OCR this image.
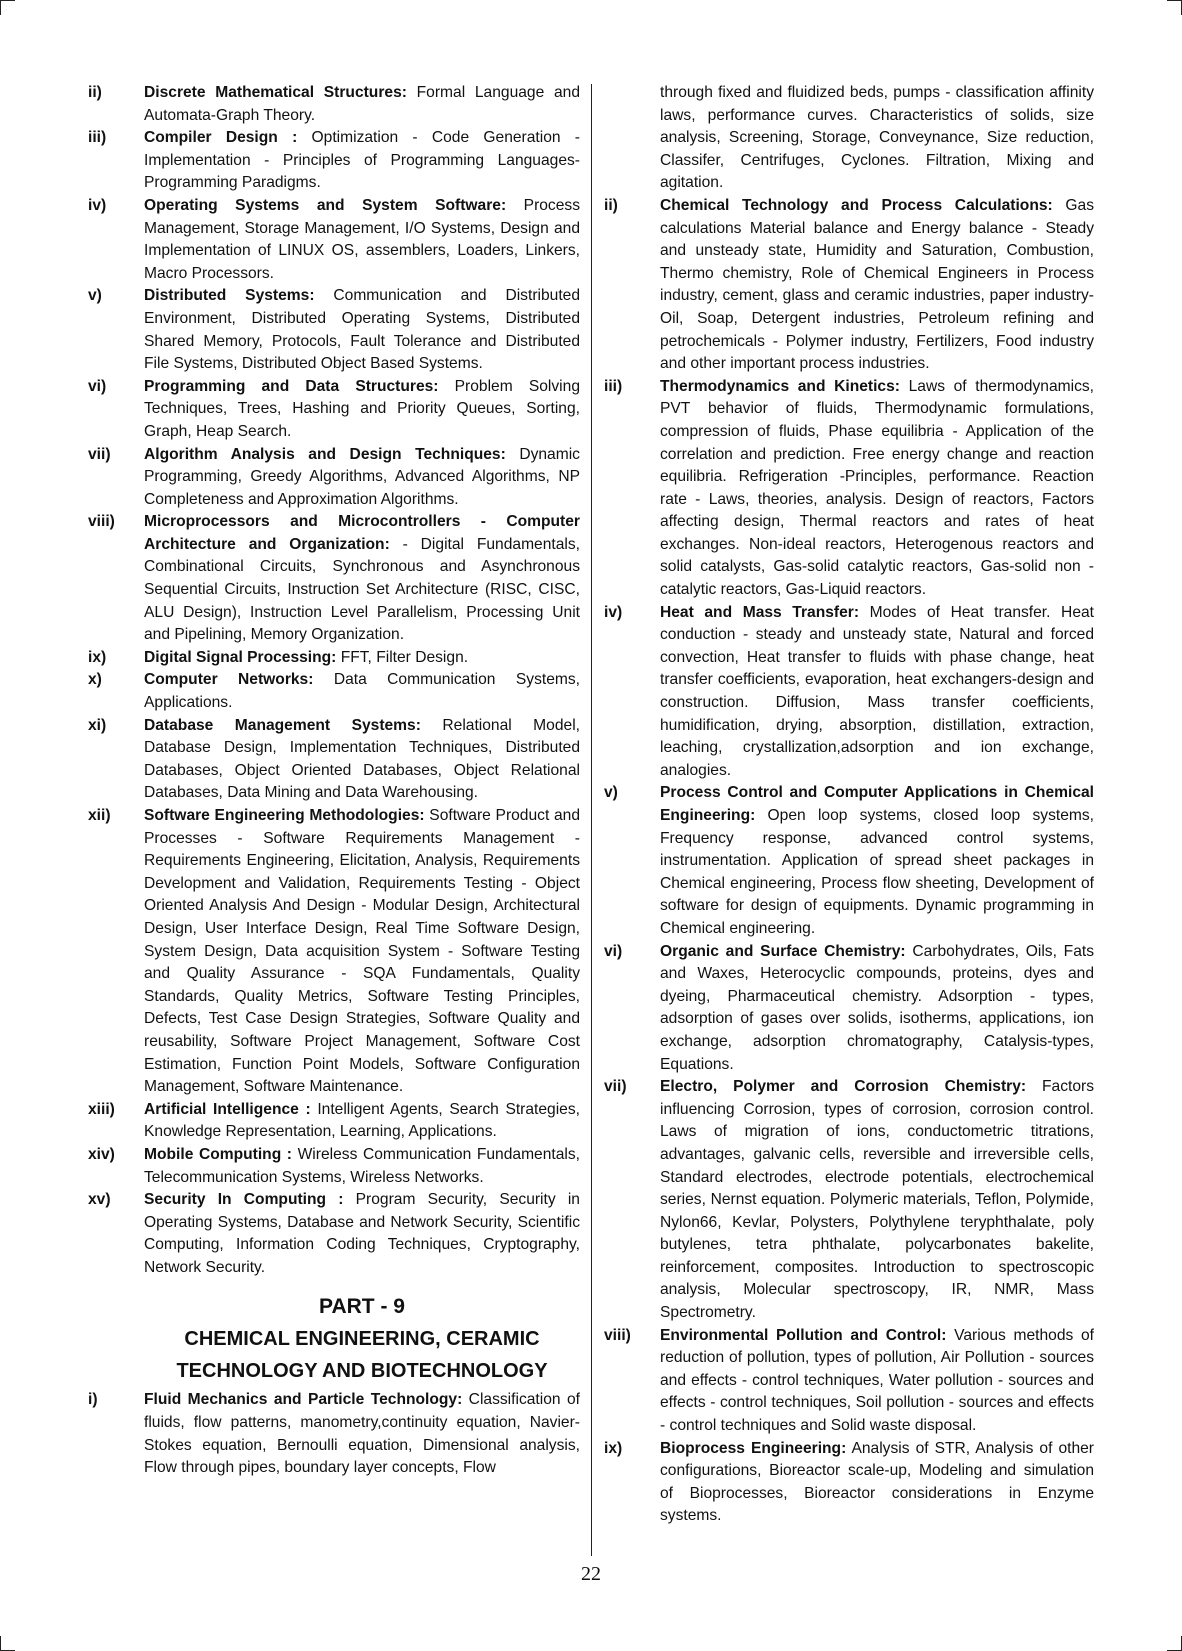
ii)	Discrete Mathematical Structures: Formal Language and Automata-Graph Theory.
iii)	Compiler Design : Optimization - Code Generation - Implementation - Principles of Programming Languages-Programming Paradigms.
iv)	Operating Systems and System Software: Process Management, Storage Management, I/O Systems, Design and Implementation of LINUX OS, assemblers, Loaders, Linkers, Macro Processors.
v)	Distributed Systems: Communication and Distributed Environment, Distributed Operating Systems, Distributed Shared Memory, Protocols, Fault Tolerance and Distributed File Systems, Distributed Object Based Systems.
vi)	Programming and Data Structures: Problem Solving Techniques, Trees, Hashing and Priority Queues, Sorting, Graph, Heap Search.
vii)	Algorithm Analysis and Design Techniques: Dynamic Programming, Greedy Algorithms, Advanced Algorithms, NP Completeness and Approximation Algorithms.
viii)	Microprocessors and Microcontrollers - Computer Architecture and Organization: - Digital Fundamentals, Combinational Circuits, Synchronous and Asynchronous Sequential Circuits, Instruction Set Architecture (RISC, CISC, ALU Design), Instruction Level Parallelism, Processing Unit and Pipelining, Memory Organization.
ix)	Digital Signal Processing: FFT, Filter Design.
x)	Computer Networks: Data Communication Systems, Applications.
xi)	Database Management Systems: Relational Model, Database Design, Implementation Techniques, Distributed Databases, Object Oriented Databases, Object Relational Databases, Data Mining and Data Warehousing.
xii)	Software Engineering Methodologies: Software Product and Processes - Software Requirements Management - Requirements Engineering, Elicitation, Analysis, Requirements Development and Validation, Requirements Testing - Object Oriented Analysis And Design - Modular Design, Architectural Design, User Interface Design, Real Time Software Design, System Design, Data acquisition System - Software Testing and Quality Assurance - SQA Fundamentals, Quality Standards, Quality Metrics, Software Testing Principles, Defects, Test Case Design Strategies, Software Quality and reusability, Software Project Management, Software Cost Estimation, Function Point Models, Software Configuration Management, Software Maintenance.
xiii)	Artificial Intelligence : Intelligent Agents, Search Strategies, Knowledge Representation, Learning, Applications.
xiv)	Mobile Computing : Wireless Communication Fundamentals, Telecommunication Systems, Wireless Networks.
xv)	Security In Computing : Program Security, Security in Operating Systems, Database and Network Security, Scientific Computing, Information Coding Techniques, Cryptography, Network Security.
PART - 9
CHEMICAL ENGINEERING, CERAMIC
TECHNOLOGY AND BIOTECHNOLOGY
i)	Fluid Mechanics and Particle Technology: Classification of fluids, flow patterns, manometry,continuity equation, Navier-Stokes equation, Bernoulli equation, Dimensional analysis, Flow through pipes, boundary layer concepts, Flow
through fixed and fluidized beds, pumps - classification affinity laws, performance curves. Characteristics of solids, size analysis, Screening, Storage, Conveynance, Size reduction, Classifer, Centrifuges, Cyclones. Filtration, Mixing and agitation.
ii)	Chemical Technology and Process Calculations: Gas calculations Material balance and Energy balance - Steady and unsteady state, Humidity and Saturation, Combustion, Thermo chemistry, Role of Chemical Engineers in Process industry, cement, glass and ceramic industries, paper industry-Oil, Soap, Detergent industries, Petroleum refining and petrochemicals - Polymer industry, Fertilizers, Food industry and other important process industries.
iii)	Thermodynamics and Kinetics: Laws of thermodynamics, PVT behavior of fluids, Thermodynamic formulations, compression of fluids, Phase equilibria - Application of the correlation and prediction. Free energy change and reaction equilibria. Refrigeration -Principles, performance. Reaction rate - Laws, theories, analysis. Design of reactors, Factors affecting design, Thermal reactors and rates of heat exchanges. Non-ideal reactors, Heterogenous reactors and solid catalysts, Gas-solid catalytic reactors, Gas-solid non -catalytic reactors, Gas-Liquid reactors.
iv)	Heat and Mass Transfer: Modes of Heat transfer. Heat conduction - steady and unsteady state, Natural and forced convection, Heat transfer to fluids with phase change, heat transfer coefficients, evaporation, heat exchangers-design and construction. Diffusion, Mass transfer coefficients, humidification, drying, absorption, distillation, extraction, leaching, crystallization,adsorption and ion exchange, analogies.
v)	Process Control and Computer Applications in Chemical Engineering: Open loop systems, closed loop systems, Frequency response, advanced control systems, instrumentation. Application of spread sheet packages in Chemical engineering, Process flow sheeting, Development of software for design of equipments. Dynamic programming in Chemical engineering.
vi)	Organic and Surface Chemistry: Carbohydrates, Oils, Fats and Waxes, Heterocyclic compounds, proteins, dyes and dyeing, Pharmaceutical chemistry. Adsorption - types, adsorption of gases over solids, isotherms, applications, ion exchange, adsorption chromatography, Catalysis-types, Equations.
vii)	Electro, Polymer and Corrosion Chemistry: Factors influencing Corrosion, types of corrosion, corrosion control. Laws of migration of ions, conductometric titrations, advantages, galvanic cells, reversible and irreversible cells, Standard electrodes, electrode potentials, electrochemical series, Nernst equation. Polymeric materials, Teflon, Polymide, Nylon66, Kevlar, Polysters, Polythylene teryphthalate, poly butylenes, tetra phthalate, polycarbonates bakelite, reinforcement, composites. Introduction to spectroscopic analysis, Molecular spectroscopy, IR, NMR, Mass Spectrometry.
viii)	Environmental Pollution and Control: Various methods of reduction of pollution, types of pollution, Air Pollution - sources and effects - control techniques, Water pollution - sources and effects - control techniques, Soil pollution - sources and effects - control techniques and Solid waste disposal.
ix)	Bioprocess Engineering: Analysis of STR, Analysis of other configurations, Bioreactor scale-up, Modeling and simulation of Bioprocesses, Bioreactor considerations in Enzyme systems.
22
